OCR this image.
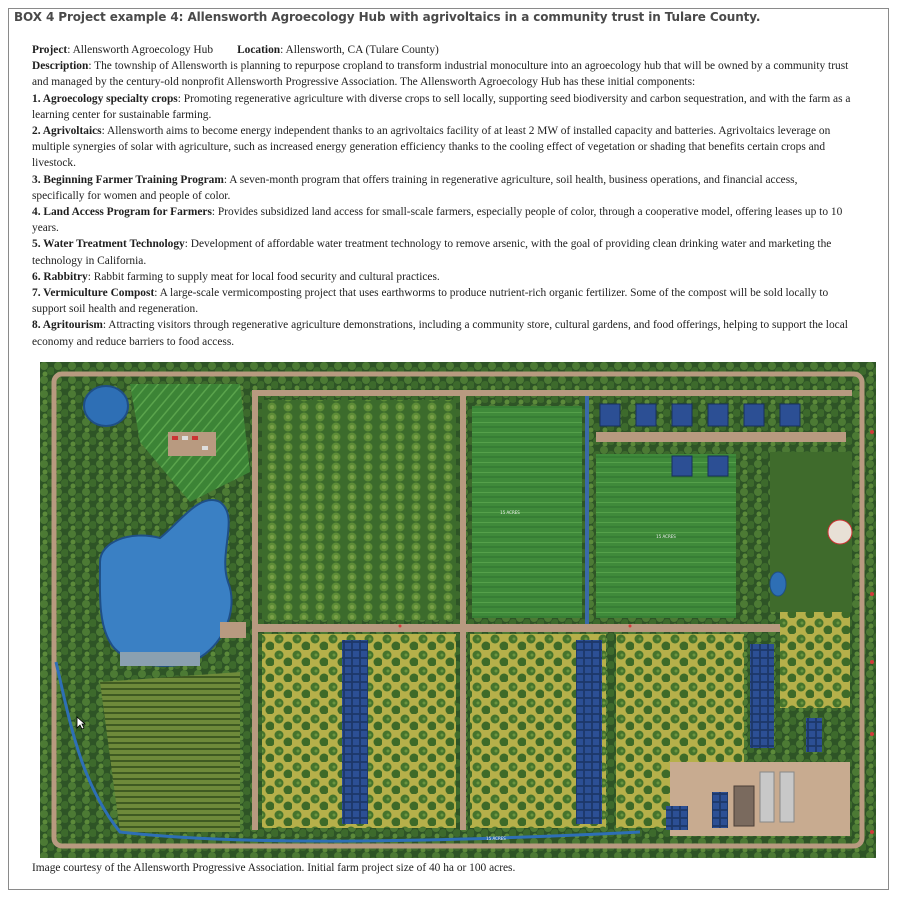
BOX 4 Project example 4: Allensworth Agroecology Hub with agrivoltaics in a community trust in Tulare County.

Project: Allensworth Agroecology Hub Location: Allensworth, CA (Tulare County)

Description: The township of Allensworth is planning to repurpose cropland to transform industrial monoculture into an agroecology hub that will be owned by a community trust and managed by the century-old nonprofit Allensworth Progressive Association. The Allensworth Agroecology Hub has these initial components:

1. Agroecology specialty crops: Promoting regenerative agriculture with diverse crops to sell locally, supporting seed biodiversity and carbon sequestration, and with the farm as a learning center for sustainable farming.

2. Agrivoltaics: Allensworth aims to become energy independent thanks to an agrivoltaics facility of at least 2 MW of installed capacity and batteries. Agrivoltaics leverage on multiple synergies of solar with agriculture, such as increased energy generation efficiency thanks to the cooling effect of vegetation or shading that benefits certain crops and livestock.

3. Beginning Farmer Training Program: A seven-month program that offers training in regenerative agriculture, soil health, business operations, and financial access, specifically for women and people of color.

4. Land Access Program for Farmers: Provides subsidized land access for small-scale farmers, especially people of color, through a cooperative model, offering leases up to 10 years.

5. Water Treatment Technology: Development of affordable water treatment technology to remove arsenic, with the goal of providing clean drinking water and marketing the technology in California.

6. Rabbitry: Rabbit farming to supply meat for local food security and cultural practices.

7. Vermiculture Compost: A large-scale vermicomposting project that uses earthworms to produce nutrient-rich organic fertilizer. Some of the compost will be sold locally to support soil health and regeneration.

8. Agritourism: Attracting visitors through regenerative agriculture demonstrations, including a community store, cultural gardens, and food offerings, helping to support the local economy and reduce barriers to food access.

15 ACRES
15 ACRES
15 ACRES
Image courtesy of the Allensworth Progressive Association. Initial farm project size of 40 ha or 100 acres.
